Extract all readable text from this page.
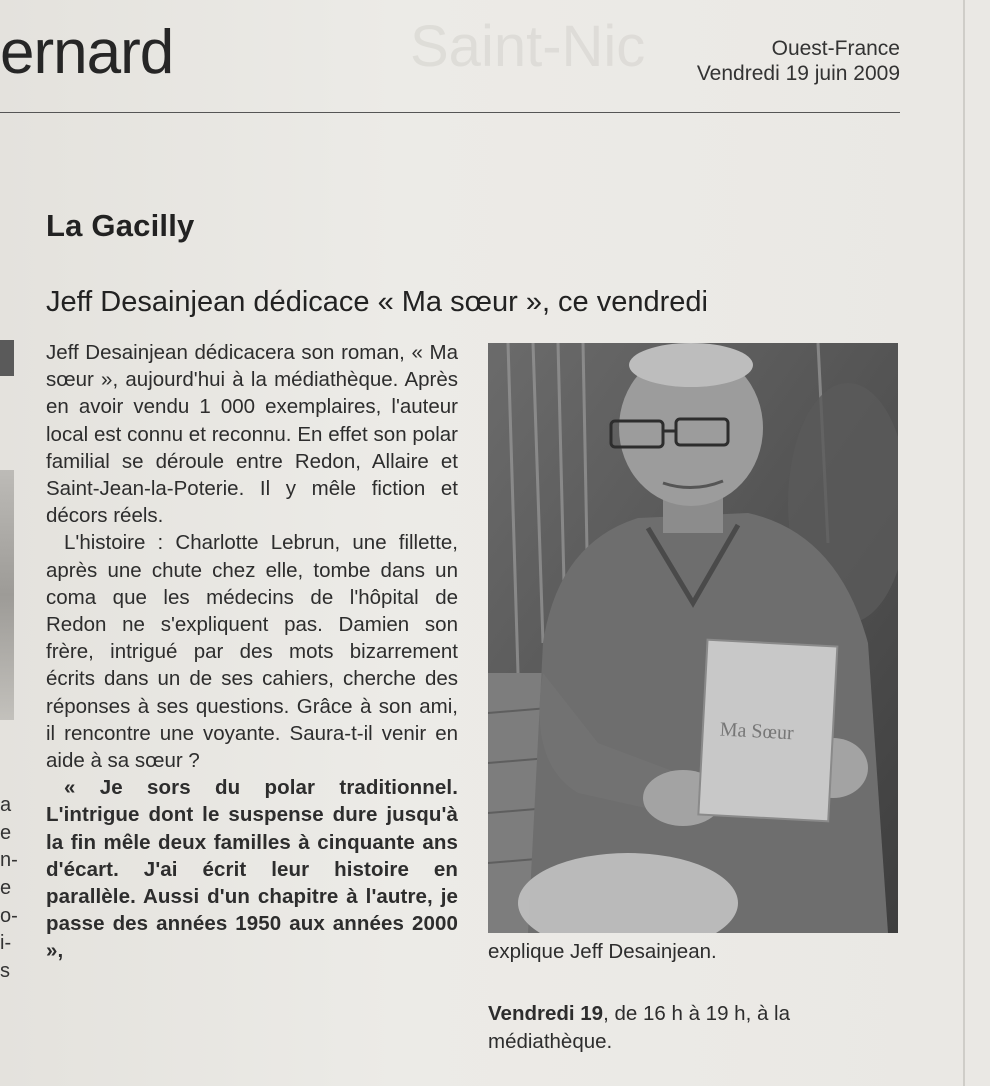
Saint-Nic
ernard	Ouest-France
Vendredi 19 juin 2009
a
e
n-
e
o-
i-
s
La Gacilly
Jeff Desainjean dédicace « Ma sœur », ce vendredi

Jeff Desainjean dédicacera son roman, « Ma sœur », aujourd'hui à la médiathèque. Après en avoir vendu 1 000 exemplaires, l'auteur local est connu et reconnu. En effet son polar familial se déroule entre Redon, Allaire et Saint-Jean-la-Poterie. Il y mêle fiction et décors réels.

L'histoire : Charlotte Lebrun, une fillette, après une chute chez elle, tombe dans un coma que les médecins de l'hôpital de Redon ne s'expliquent pas. Damien son frère, intrigué par des mots bizarrement écrits dans un de ses cahiers, cherche des réponses à ses questions. Grâce à son ami, il rencontre une voyante. Saura-t-il venir en aide à sa sœur ?

« Je sors du polar traditionnel. L'intrigue dont le suspense dure jusqu'à la fin mêle deux familles à cinquante ans d'écart. J'ai écrit leur histoire en parallèle. Aussi d'un chapitre à l'autre, je passe des années 1950 aux années 2000 »,

Ma Sœur
explique Jeff Desainjean.
Vendredi 19, de 16 h à 19 h, à la médiathèque.
